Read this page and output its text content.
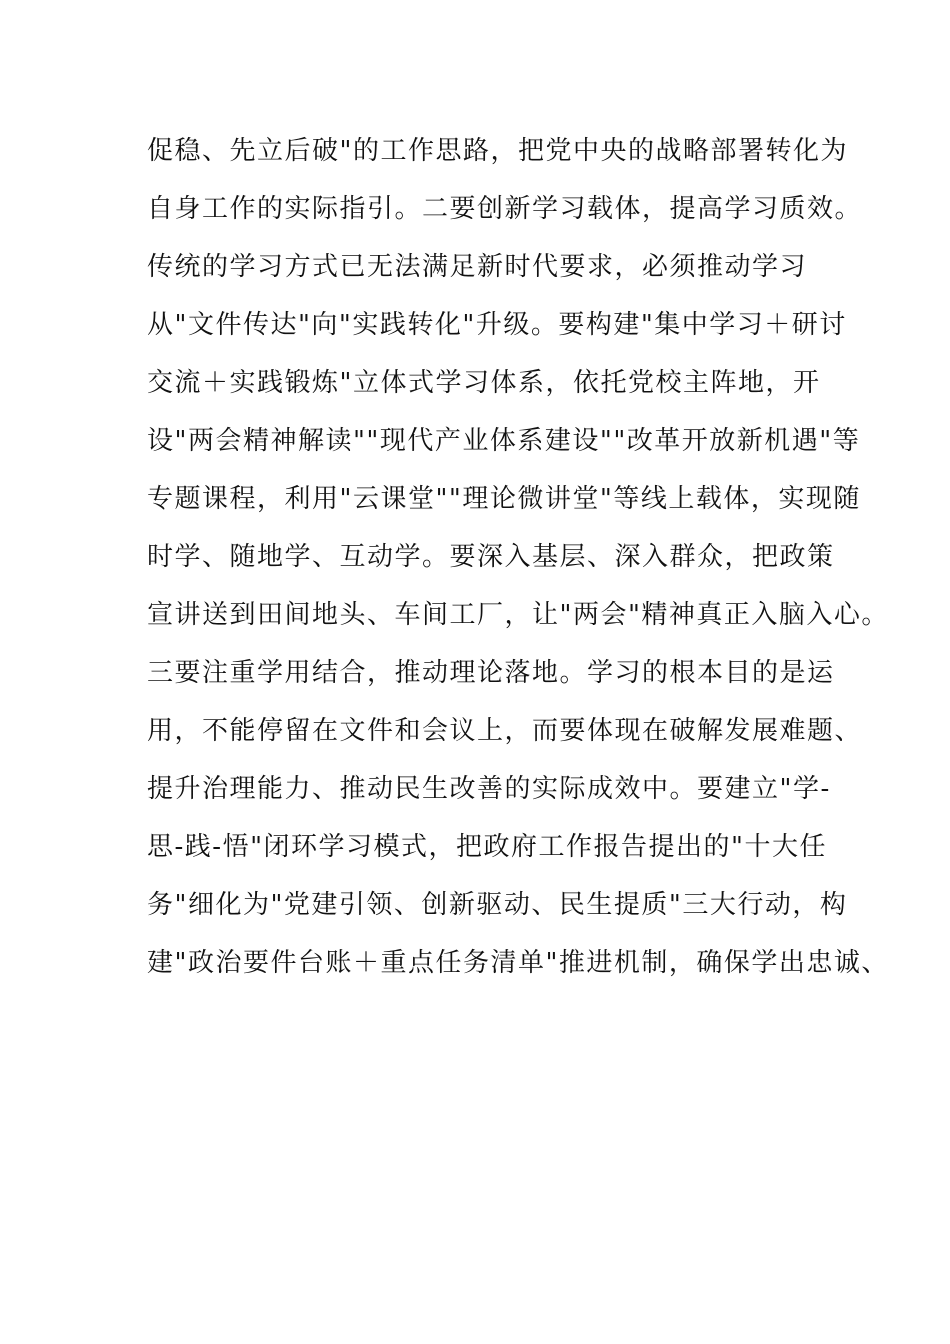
促稳、先立后破"的工作思路，把党中央的战略部署转化为
自身工作的实际指引。二要创新学习载体，提高学习质效。
传统的学习方式已无法满足新时代要求，必须推动学习
从"文件传达"向"实践转化"升级。要构建"集中学习＋研讨
交流＋实践锻炼"立体式学习体系，依托党校主阵地，开
设"两会精神解读""现代产业体系建设""改革开放新机遇"等
专题课程，利用"云课堂""理论微讲堂"等线上载体，实现随
时学、随地学、互动学。要深入基层、深入群众，把政策
宣讲送到田间地头、车间工厂，让"两会"精神真正入脑入心。
三要注重学用结合，推动理论落地。学习的根本目的是运
用，不能停留在文件和会议上，而要体现在破解发展难题、
提升治理能力、推动民生改善的实际成效中。要建立"学-
思-践-悟"闭环学习模式，把政府工作报告提出的"十大任
务"细化为"党建引领、创新驱动、民生提质"三大行动，构
建"政治要件台账＋重点任务清单"推进机制，确保学出忠诚、
